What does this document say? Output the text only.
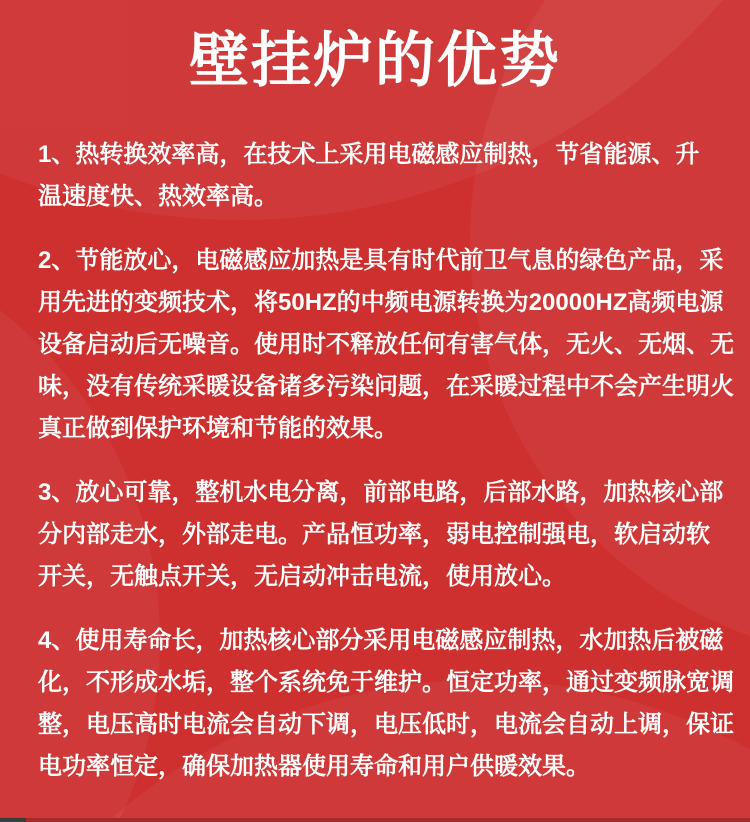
壁挂炉的优势
1、热转换效率高，在技术上采用电磁感应制热，节省能源、升
温速度快、热效率高。
2、节能放心，电磁感应加热是具有时代前卫气息的绿色产品，采
用先进的变频技术，将50HZ的中频电源转换为20000HZ高频电源
设备启动后无噪音。使用时不释放任何有害气体，无火、无烟、无
味，没有传统采暖设备诸多污染问题，在采暖过程中不会产生明火
真正做到保护环境和节能的效果。
3、放心可靠，整机水电分离，前部电路，后部水路，加热核心部
分内部走水，外部走电。产品恒功率，弱电控制强电，软启动软
开关，无触点开关，无启动冲击电流，使用放心。
4、使用寿命长，加热核心部分采用电磁感应制热，水加热后被磁
化，不形成水垢，整个系统免于维护。恒定功率，通过变频脉宽调
整，电压高时电流会自动下调，电压低时，电流会自动上调，保证
电功率恒定，确保加热器使用寿命和用户供暖效果。
